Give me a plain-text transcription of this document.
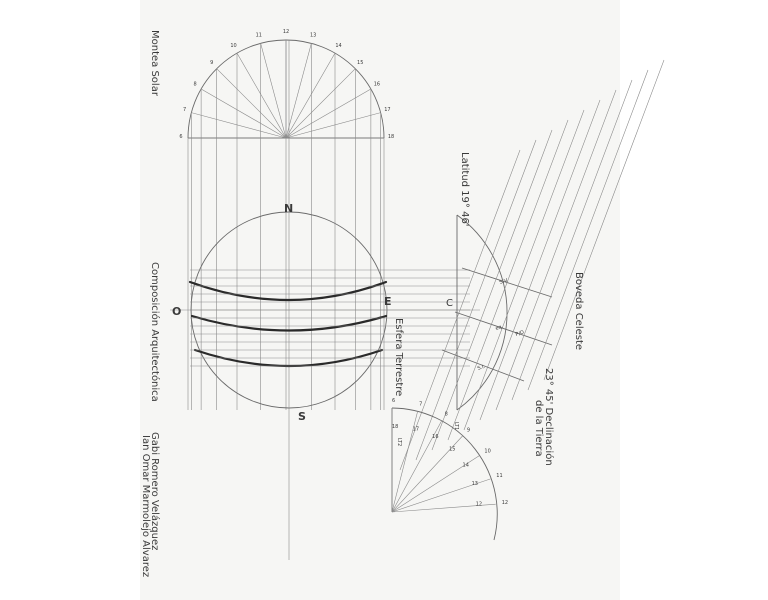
6
7
8
9
10
11
12
13
14
15
16
17
18
6
18
7
17
8
16
9
15	10
14
11
13
12
12
Montea Solar
Composición Arquitectónica
Gabi Romero Velázquez
Ian Omar Marmolejo Alvarez
Latitud 19° 46'
Boveda Celeste
23° 45' Declinación
de la Tierra
Esfera Terrestre
N
S
E
O
C
S.V.
eq.
P/O
S.I.
LT1
LT2
